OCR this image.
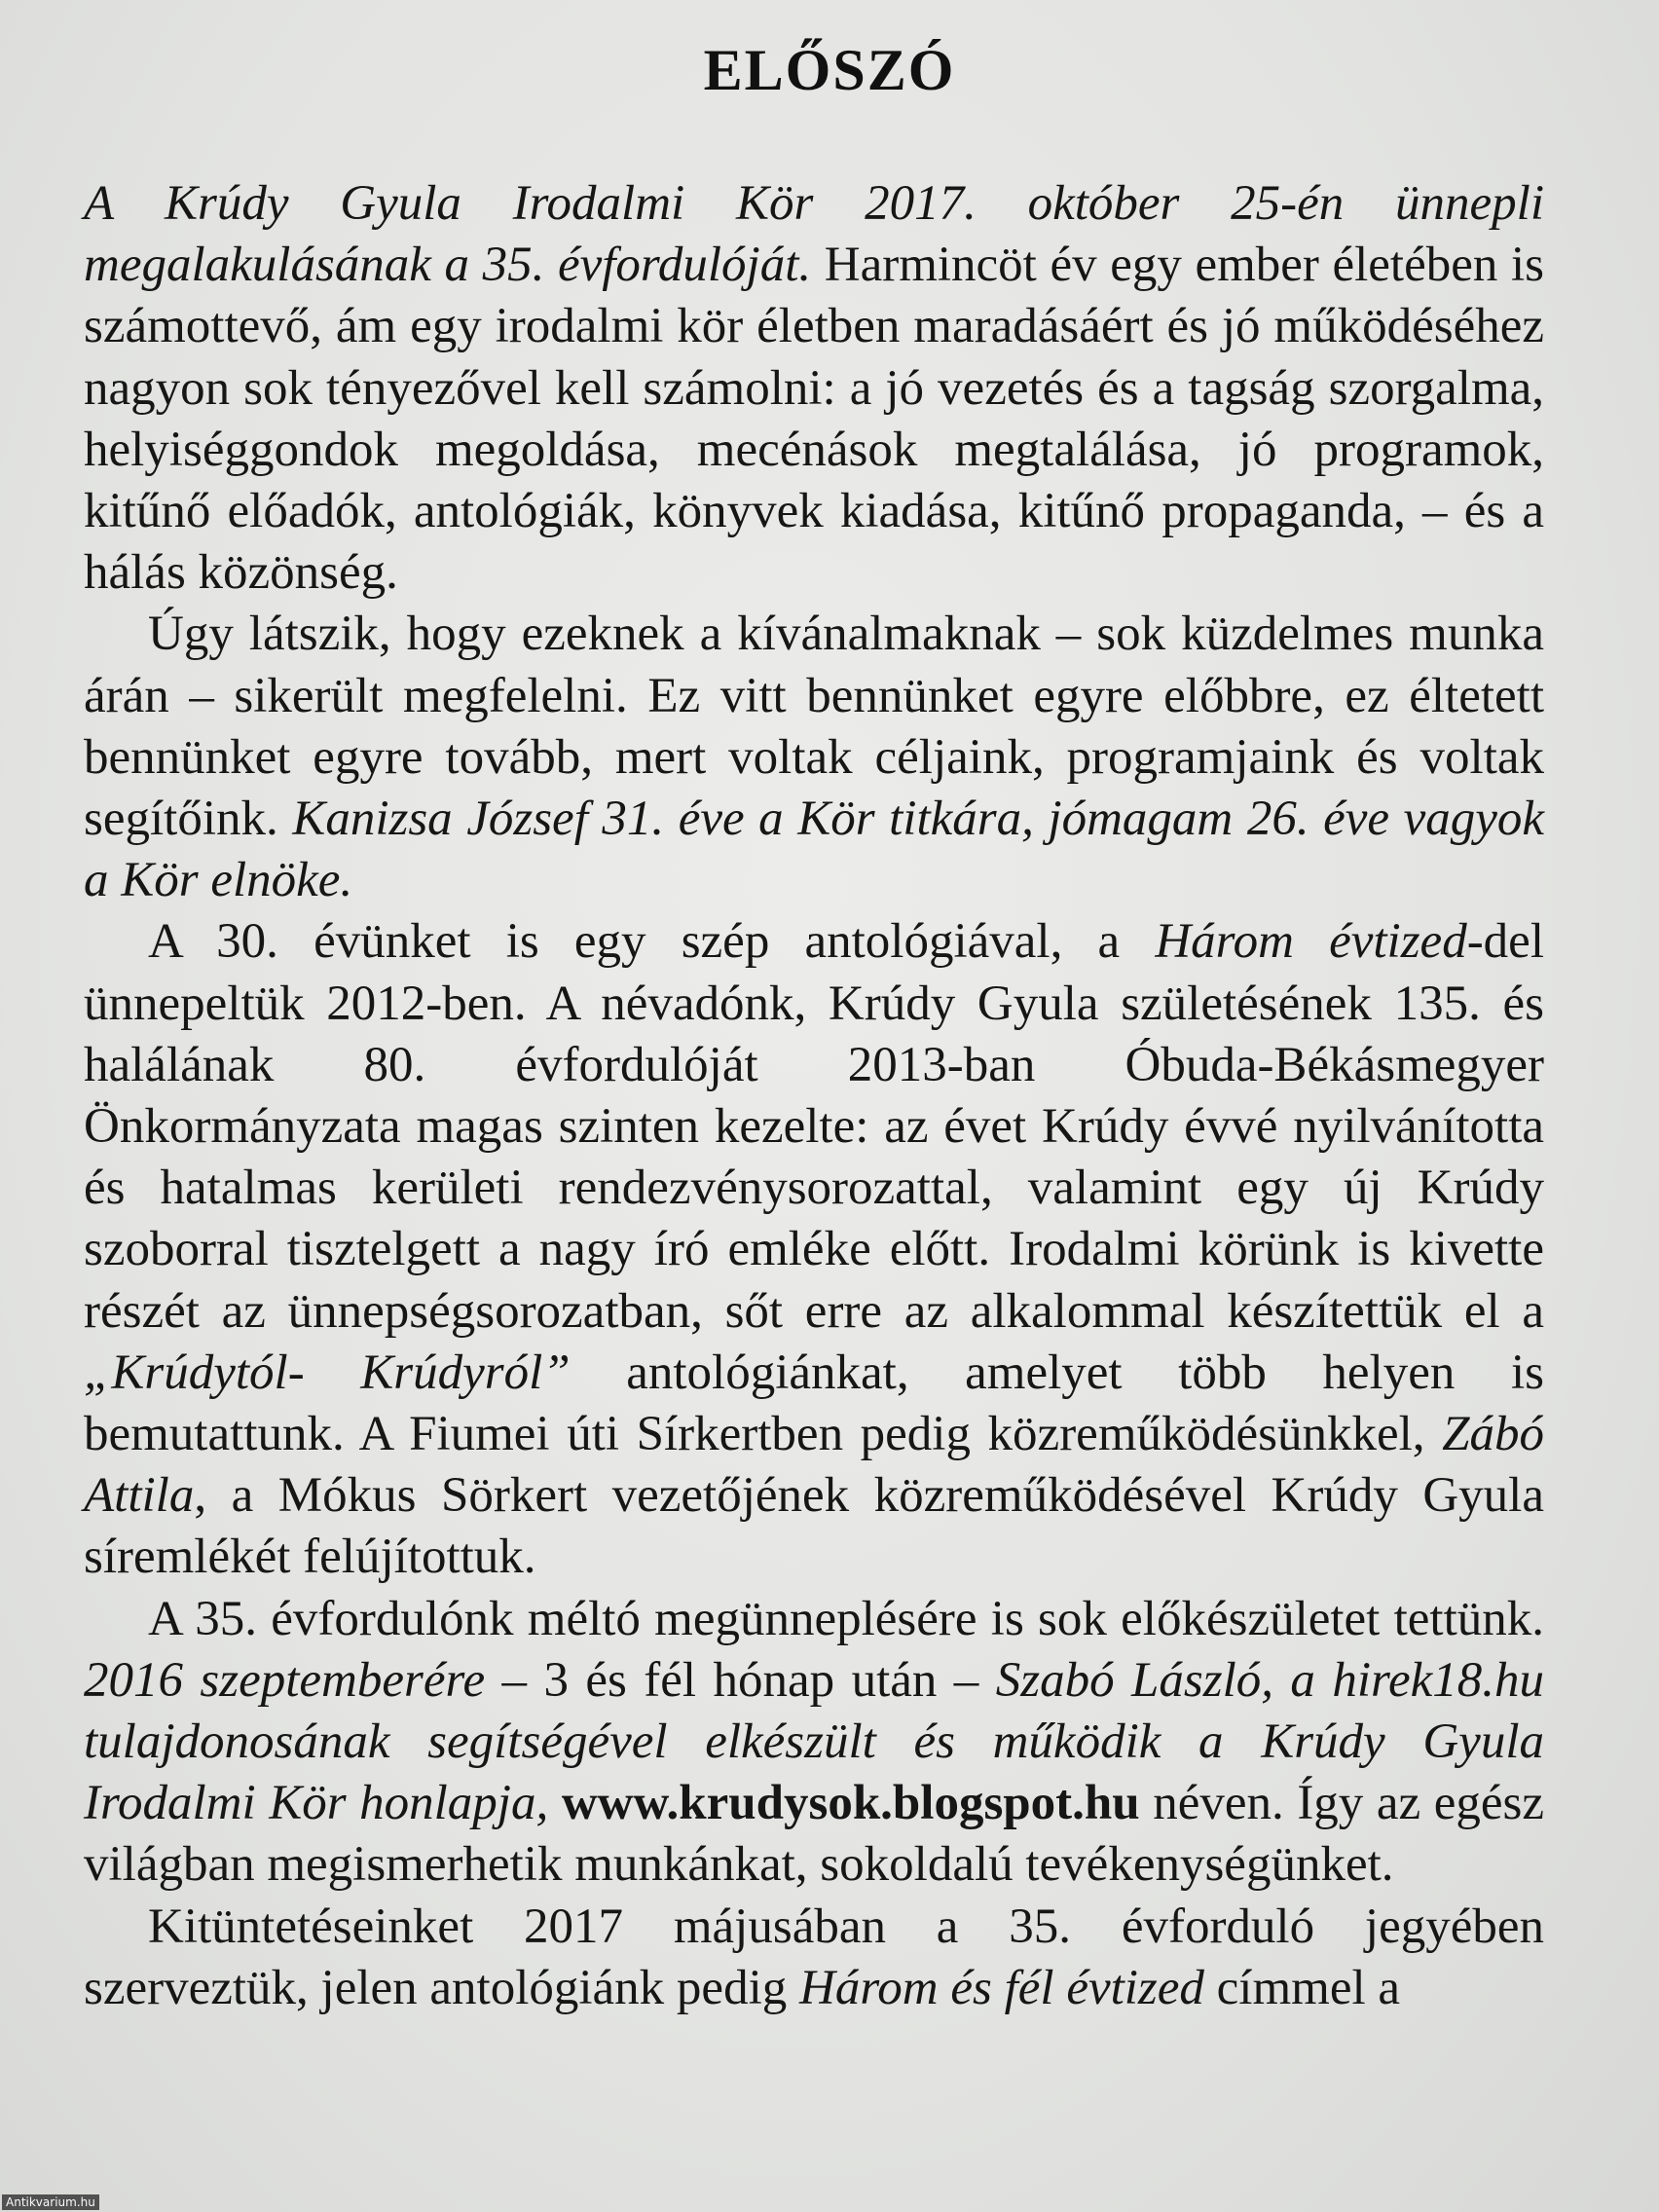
ELŐSZÓ

A Krúdy Gyula Irodalmi Kör 2017. október 25-én ünnepli megalakulásának a 35. évfordulóját. Harmincöt év egy ember életében is számottevő, ám egy irodalmi kör életben maradásáért és jó működéséhez nagyon sok tényezővel kell számolni: a jó vezetés és a tagság szorgalma, helyiséggondok megoldása, mecénások megtalálása, jó programok, kitűnő előadók, antológiák, könyvek kiadása, kitűnő propaganda, – és a hálás közönség.

Úgy látszik, hogy ezeknek a kívánalmaknak – sok küzdelmes munka árán – sikerült megfelelni. Ez vitt bennünket egyre előbbre, ez éltetett bennünket egyre tovább, mert voltak céljaink, programjaink és voltak segítőink. Kanizsa József 31. éve a Kör titkára, jómagam 26. éve vagyok a Kör elnöke.

A 30. évünket is egy szép antológiával, a Három évtized-del ünnepeltük 2012-ben. A névadónk, Krúdy Gyula születésének 135. és halálának 80. évfordulóját 2013-ban Óbuda-Békásmegyer Önkormányzata magas szinten kezelte: az évet Krúdy évvé nyilvánította és hatalmas kerületi rendezvénysorozattal, valamint egy új Krúdy szoborral tisztelgett a nagy író emléke előtt. Irodalmi körünk is kivette részét az ünnepségsorozatban, sőt erre az alkalommal készítettük el a „Krúdytól- Krúdyról” antológiánkat, amelyet több helyen is bemutattunk. A Fiumei úti Sírkertben pedig közreműködésünkkel, Zábó Attila, a Mókus Sörkert vezetőjének közreműködésével Krúdy Gyula síremlékét felújítottuk.

A 35. évfordulónk méltó megünneplésére is sok előkészületet tettünk. 2016 szeptemberére – 3 és fél hónap után – Szabó László, a hirek18.hu tulajdonosának segítségével elkészült és működik a Krúdy Gyula Irodalmi Kör honlapja, www.krudysok.blogspot.hu néven. Így az egész világban megismerhetik munkánkat, sokoldalú tevékenységünket.

Kitüntetéseinket 2017 májusában a 35. évforduló jegyében szerveztük, jelen antológiánk pedig Három és fél évtized címmel a

Antikvarium.hu
